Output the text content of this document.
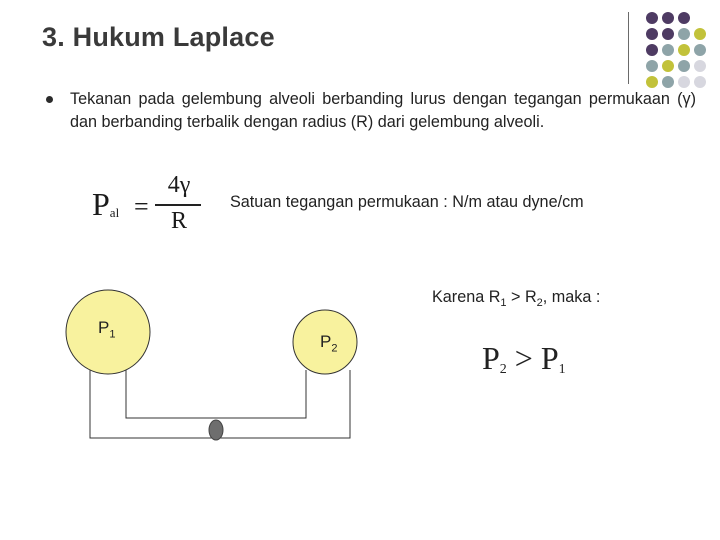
3. Hukum Laplace
Tekanan pada gelembung alveoli berbanding lurus dengan tegangan permukaan (γ) dan berbanding terbalik dengan radius (R) dari gelembung alveoli.
$P_{al}$ =
4γ
R
Satuan tegangan permukaan : N/m atau dyne/cm
$P_1$	$P_2$
Karena $R_1 > R_2$, maka :
$P_2 > P_1$
